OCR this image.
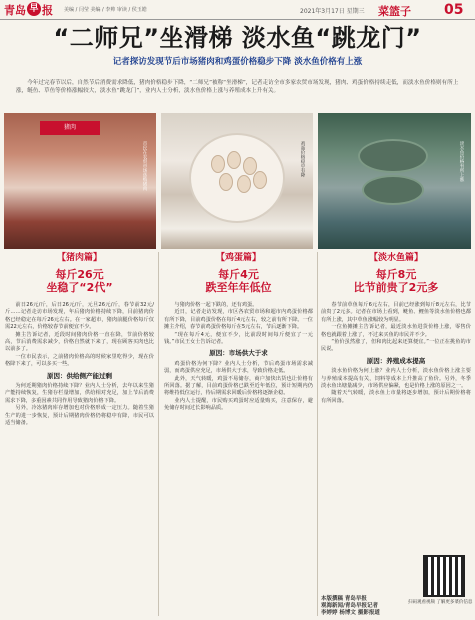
青岛 早 报	美编 / 闫莹 美编 / 李帅 审读 / 侯玉皓	2021年3月17日 星期三 菜篮子 05
“二师兄”坐滑梯 淡水鱼“跳龙门”
记者探访发现节后市场猪肉和鸡蛋价格稳步下降 淡水鱼价格有上涨
今年过完春节以后，自然节后消费需求降低，猪肉价格稳步下降，“二师兄”被称“坐滑梯”，记者走访全市多家农贸市场发现，猪肉、鸡蛋价格持续走低，而淡水鱼价格则有所上涨，鲢鱼、草鱼等价格涨幅较大，淡水鱼“跳龙门”，业内人士分析，淡水鱼价格上涨与养殖成本上升有关。
猪肉
市民在农贸市场选购猪肉	鸡蛋价格稳中有降	淡水鱼价格有所上涨
【猪肉篇】
每斤26元
坐稳了“2代”

前日26元/斤，后日26元/斤，元旦26元/斤，春节前32元/斤……记者走访市场发现，年后猪肉价格持续下降，目前猪肉价格已经稳定在每斤26元左右。在一家超市，猪肉前腿价格每斤仅需22元左右，价格较春节前便宜不少。

摊主告诉记者，近段时间猪肉价格一直在降，节前价格较高，节后消费需求减少，价格自然就下来了，现在顾客买肉也比以前多了。

一位市民表示，之前猪肉价格高的时候家里吃得少，现在价格降下来了，可以多买一些。

原因：供给侧产能过剩

为何近期猪肉价格持续下降？业内人士分析，去年以来生猪产能持续恢复，生猪存栏量增加，供给相对充足，加上节后消费需求下降，多重因素共同作用导致猪肉价格下降。

另外，冷冻猪肉库存增加也对价格形成一定压力。随着生猪生产的进一步恢复，预计后期猪肉价格仍将稳中有降，市民可以适当储备。

【鸡蛋篇】
每斤4元
跌至年年低位

与猪肉价格一起下跌的，还有鸡蛋。

近日，记者走访发现，市区各农贸市场和超市内鸡蛋价格都有所下降，目前鸡蛋价格在每斤4元左右，较之前有所下降。一位摊主介绍，春节前鸡蛋价格每斤在5元左右，节后逐渐下降。

“现在每斤4元，便宜不少，比前段时间每斤便宜了一元钱。”市民王女士告诉记者。

原因：市场供大于求

鸡蛋价格为何下降？业内人士分析，节后鸡蛋市场需求减弱，而鸡蛋供应充足，市场供大于求，导致价格走低。

此外，天气转暖，鸡蛋不易储存，商户加快出货也让价格有所回落。据了解，目前鸡蛋价格已跌至近年低位，预计短期内仍将维持低位运行，待后期需求回暖后价格将逐渐企稳。

业内人士提醒，市民购买鸡蛋时应适量购买，注意保存，避免储存时间过长影响品质。

【淡水鱼篇】
每斤8元
比节前贵了2元多

春节前草鱼每斤6元左右，目前已经涨到每斤8元左右，比节前贵了2元多。记者在市场上看到，鲢鱼、鲤鱼等淡水鱼价格也都有所上涨，其中草鱼涨幅较为明显。

一位鱼摊摊主告诉记者，最近淡水鱼进货价格上涨，零售价格也就跟着上涨了，不过来买鱼的市民并不少。

“鱼价虽然涨了，但和肉比起来还算便宜。”一位正在挑鱼的市民说。

原因：养殖成本提高

淡水鱼价格为何上涨？业内人士分析，淡水鱼价格上涨主要与养殖成本提高有关，饲料等成本上升推高了鱼价。另外，冬季淡水鱼出塘量减少，市场供应偏紧，也是价格上涨的原因之一。

随着天气转暖，淡水鱼上市量将逐步增加，预计后期价格将有所回落。

扫码观看视频 了解更多菜价信息
本版撰稿 青岛早报
观海新闻/青岛早报记者
李婷婷 杨博文 摄影报道
